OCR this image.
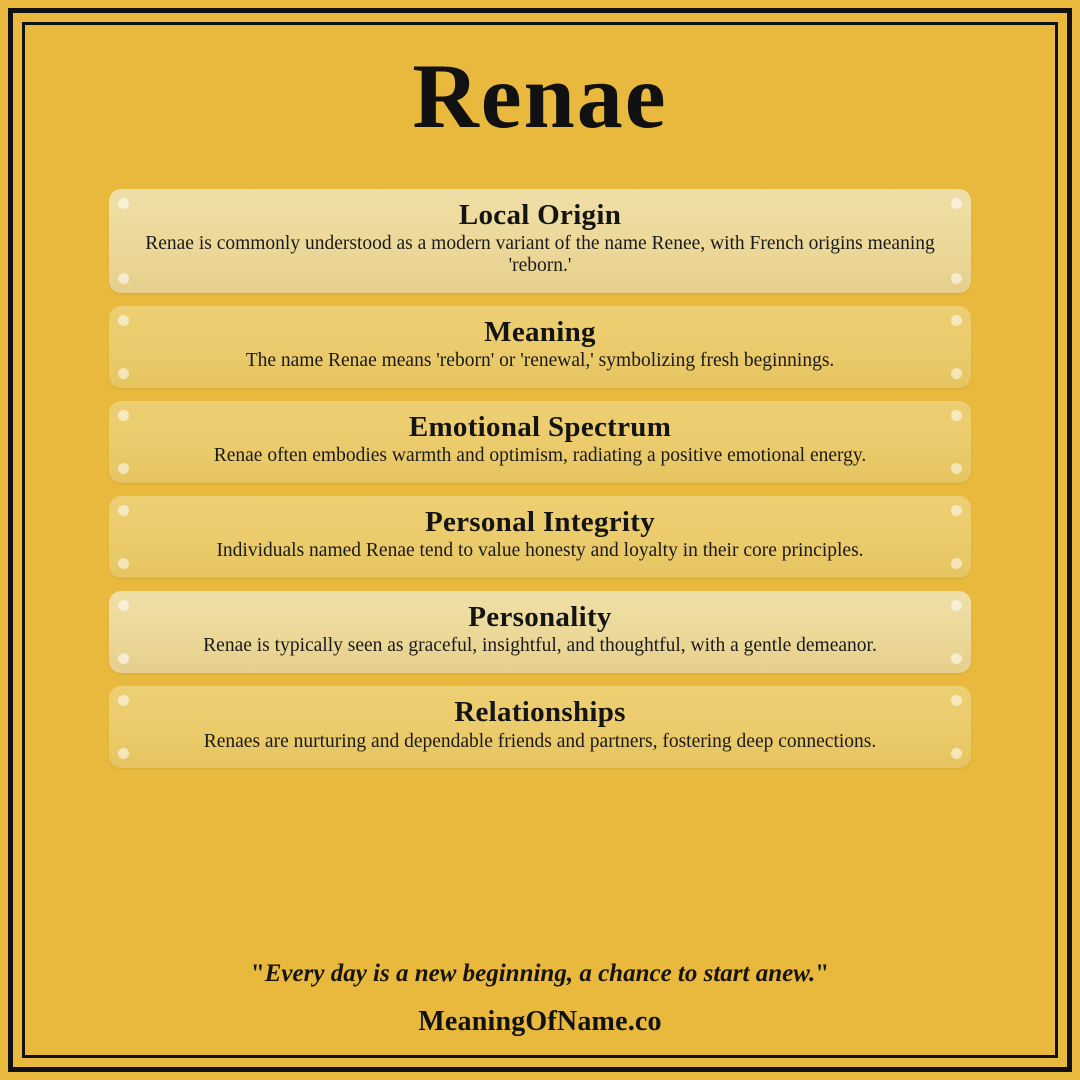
Renae

Local Origin

Renae is commonly understood as a modern variant of the name Renee, with French origins meaning 'reborn.'

Meaning

The name Renae means 'reborn' or 'renewal,' symbolizing fresh beginnings.

Emotional Spectrum

Renae often embodies warmth and optimism, radiating a positive emotional energy.

Personal Integrity

Individuals named Renae tend to value honesty and loyalty in their core principles.

Personality

Renae is typically seen as graceful, insightful, and thoughtful, with a gentle demeanor.

Relationships

Renaes are nurturing and dependable friends and partners, fostering deep connections.

"Every day is a new beginning, a chance to start anew."
MeaningOfName.co
